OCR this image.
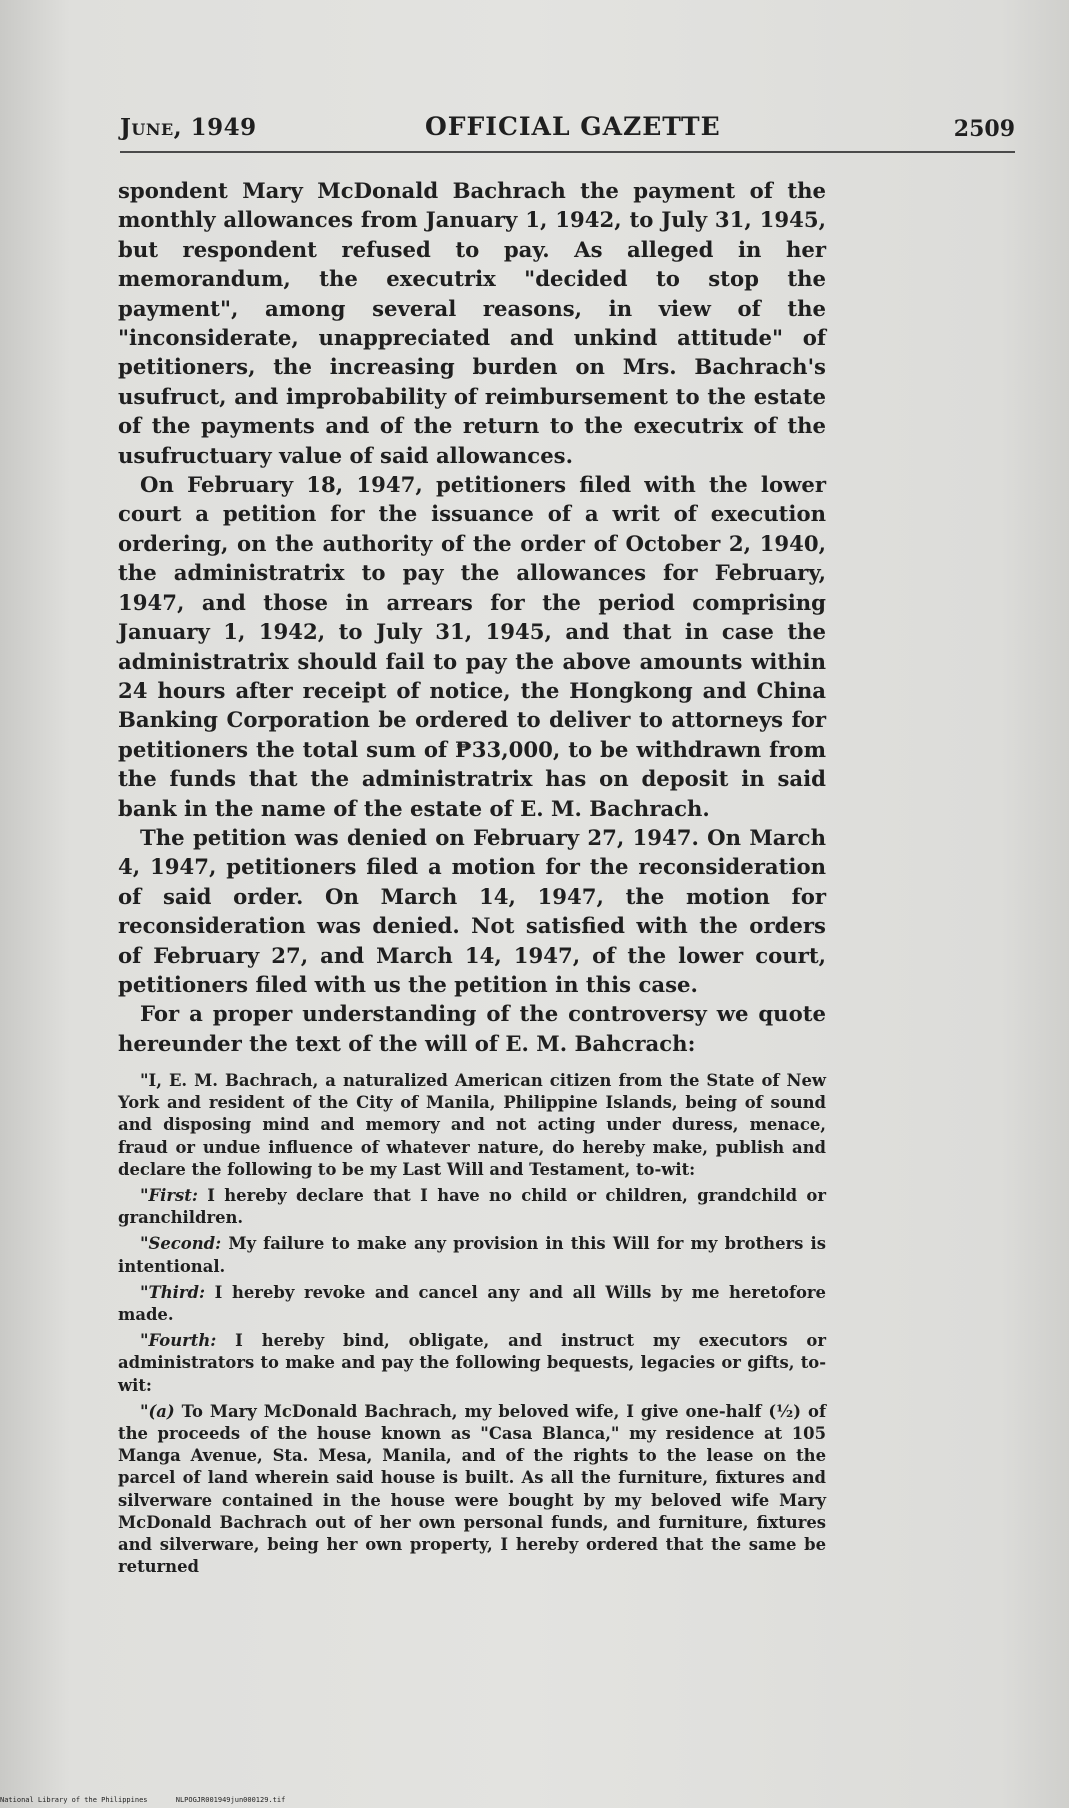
June, 1949	OFFICIAL GAZETTE	2509

spondent Mary McDonald Bachrach the payment of the monthly allowances from January 1, 1942, to July 31, 1945, but respondent refused to pay. As alleged in her memorandum, the executrix "decided to stop the payment", among several reasons, in view of the "inconsiderate, unappreciated and unkind attitude" of petitioners, the increasing burden on Mrs. Bachrach's usufruct, and improbability of reimbursement to the estate of the payments and of the return to the executrix of the usufructuary value of said allowances.

On February 18, 1947, petitioners filed with the lower court a petition for the issuance of a writ of execution ordering, on the authority of the order of October 2, 1940, the administratrix to pay the allowances for February, 1947, and those in arrears for the period comprising January 1, 1942, to July 31, 1945, and that in case the administratrix should fail to pay the above amounts within 24 hours after receipt of notice, the Hongkong and China Banking Corporation be ordered to deliver to attorneys for petitioners the total sum of ₱33,000, to be withdrawn from the funds that the administratrix has on deposit in said bank in the name of the estate of E. M. Bachrach.

The petition was denied on February 27, 1947. On March 4, 1947, petitioners filed a motion for the reconsideration of said order. On March 14, 1947, the motion for reconsideration was denied. Not satisfied with the orders of February 27, and March 14, 1947, of the lower court, petitioners filed with us the petition in this case.

For a proper understanding of the controversy we quote hereunder the text of the will of E. M. Bahcrach:

"I, E. M. Bachrach, a naturalized American citizen from the State of New York and resident of the City of Manila, Philippine Islands, being of sound and disposing mind and memory and not acting under duress, menace, fraud or undue influence of whatever nature, do hereby make, publish and declare the following to be my Last Will and Testament, to-wit:

"First: I hereby declare that I have no child or children, grandchild or granchildren.

"Second: My failure to make any provision in this Will for my brothers is intentional.

"Third: I hereby revoke and cancel any and all Wills by me heretofore made.

"Fourth: I hereby bind, obligate, and instruct my executors or administrators to make and pay the following bequests, legacies or gifts, to-wit:

"(a) To Mary McDonald Bachrach, my beloved wife, I give one-half (½) of the proceeds of the house known as "Casa Blanca," my residence at 105 Manga Avenue, Sta. Mesa, Manila, and of the rights to the lease on the parcel of land wherein said house is built. As all the furniture, fixtures and silverware contained in the house were bought by my beloved wife Mary McDonald Bachrach out of her own personal funds, and furniture, fixtures and silverware, being her own property, I hereby ordered that the same be returned

National Library of the Philippines	NLPOGJR001949jun000129.tif
